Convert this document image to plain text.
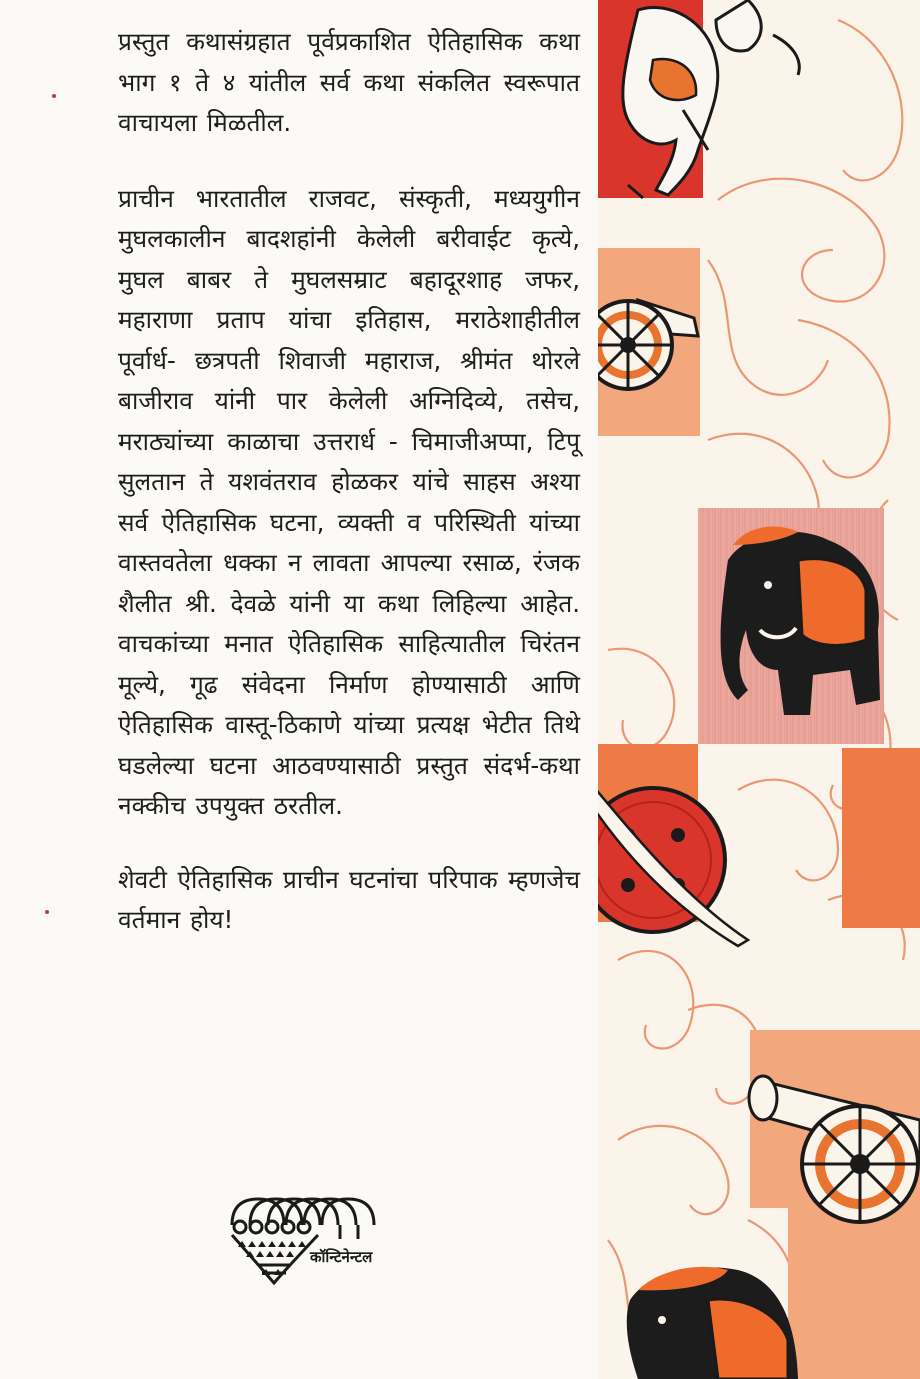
प्रस्तुत कथासंग्रहात पूर्वप्रकाशित ऐतिहासिक कथा भाग १ ते ४ यांतील सर्व कथा संकलित स्वरूपात वाचायला मिळतील.

प्राचीन भारतातील राजवट, संस्कृती, मध्ययुगीन मुघलकालीन बादशहांनी केलेली बरीवाईट कृत्ये, मुघल बाबर ते मुघलसम्राट बहादूरशाह जफर, महाराणा प्रताप यांचा इतिहास, मराठेशाहीतील पूर्वार्ध- छत्रपती शिवाजी महाराज, श्रीमंत थोरले बाजीराव यांनी पार केलेली अग्निदिव्ये, तसेच, मराठ्यांच्या काळाचा उत्तरार्ध - चिमाजीअप्पा, टिपू सुलतान ते यशवंतराव होळकर यांचे साहस अश्या सर्व ऐतिहासिक घटना, व्यक्ती व परिस्थिती यांच्या वास्तवतेला धक्का न लावता आपल्या रसाळ, रंजक शैलीत श्री. देवळे यांनी या कथा लिहिल्या आहेत. वाचकांच्या मनात ऐतिहासिक साहित्यातील चिरंतन मूल्ये, गूढ संवेदना निर्माण होण्यासाठी आणि ऐतिहासिक वास्तू-ठिकाणे यांच्या प्रत्यक्ष भेटीत तिथे घडलेल्या घटना आठवण्यासाठी प्रस्तुत संदर्भ-कथा नक्कीच उपयुक्त ठरतील.

शेवटी ऐतिहासिक प्राचीन घटनांचा परिपाक म्हणजेच वर्तमान होय!

कॉन्टिनेन्टल
